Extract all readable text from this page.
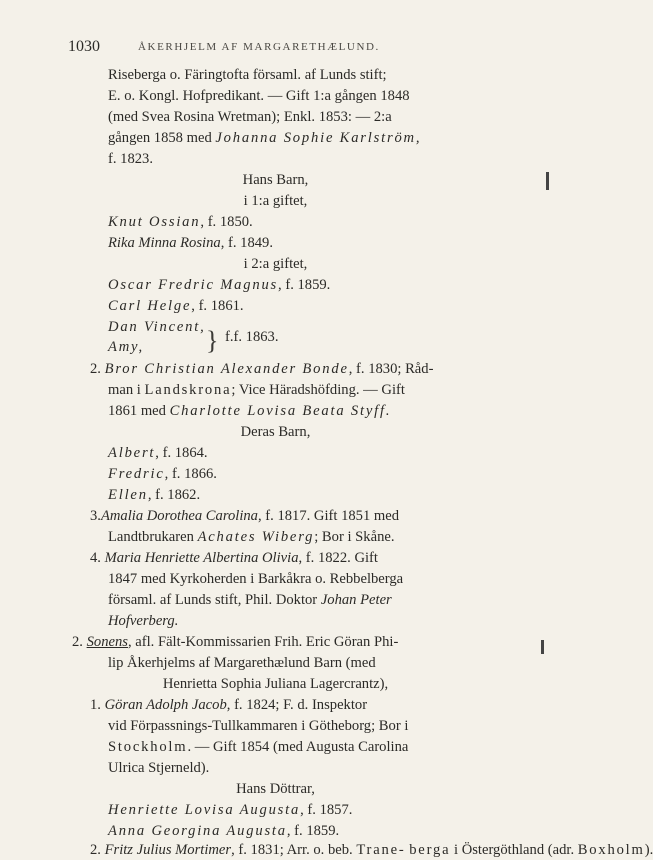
1030	ÅKERHJELM AF MARGARETHÆLUND.
Riseberga o. Färingtofta församl. af Lunds stift;
E. o. Kongl. Hofpredikant. — Gift 1:a gången 1848
(med Svea Rosina Wretman); Enkl. 1853: — 2:a
gången 1858 med Johanna Sophie Karlström,
f. 1823.
Hans Barn,
i 1:a giftet,
Knut Ossian, f. 1850.
Rika Minna Rosina, f. 1849.
i 2:a giftet,
Oscar Fredric Magnus, f. 1859.
Carl Helge, f. 1861.
Dan Vincent,
Amy, } f.f. 1863.
2. Bror Christian Alexander Bonde, f. 1830; Råd-
man i Landskrona; Vice Häradshöfding. — Gift
1861 med Charlotte Lovisa Beata Styff.
Deras Barn,
Albert, f. 1864.
Fredric, f. 1866.
Ellen, f. 1862.
3.Amalia Dorothea Carolina, f. 1817. Gift 1851 med
Landtbrukaren Achates Wiberg; Bor i Skåne.
4. Maria Henriette Albertina Olivia, f. 1822. Gift
1847 med Kyrkoherden i Barkåkra o. Rebbelberga
församl. af Lunds stift, Phil. Doktor Johan Peter
Hofverberg.
2. Sonens, afl. Fält-Kommissarien Frih. Eric Göran Phi-
lip Åkerhjelms af Margarethælund Barn (med
Henrietta Sophia Juliana Lagercrantz),
1. Göran Adolph Jacob, f. 1824; F. d. Inspektor
vid Förpassnings-Tullkammaren i Götheborg; Bor i
Stockholm. — Gift 1854 (med Augusta Carolina
Ulrica Stjerneld).
Hans Döttrar,
Henriette Lovisa Augusta, f. 1857.
Anna Georgina Augusta, f. 1859.
2. Fritz Julius Mortimer, f. 1831; Arr. o. beb. Trane- berga i Östergöthland (adr. Boxholm).
